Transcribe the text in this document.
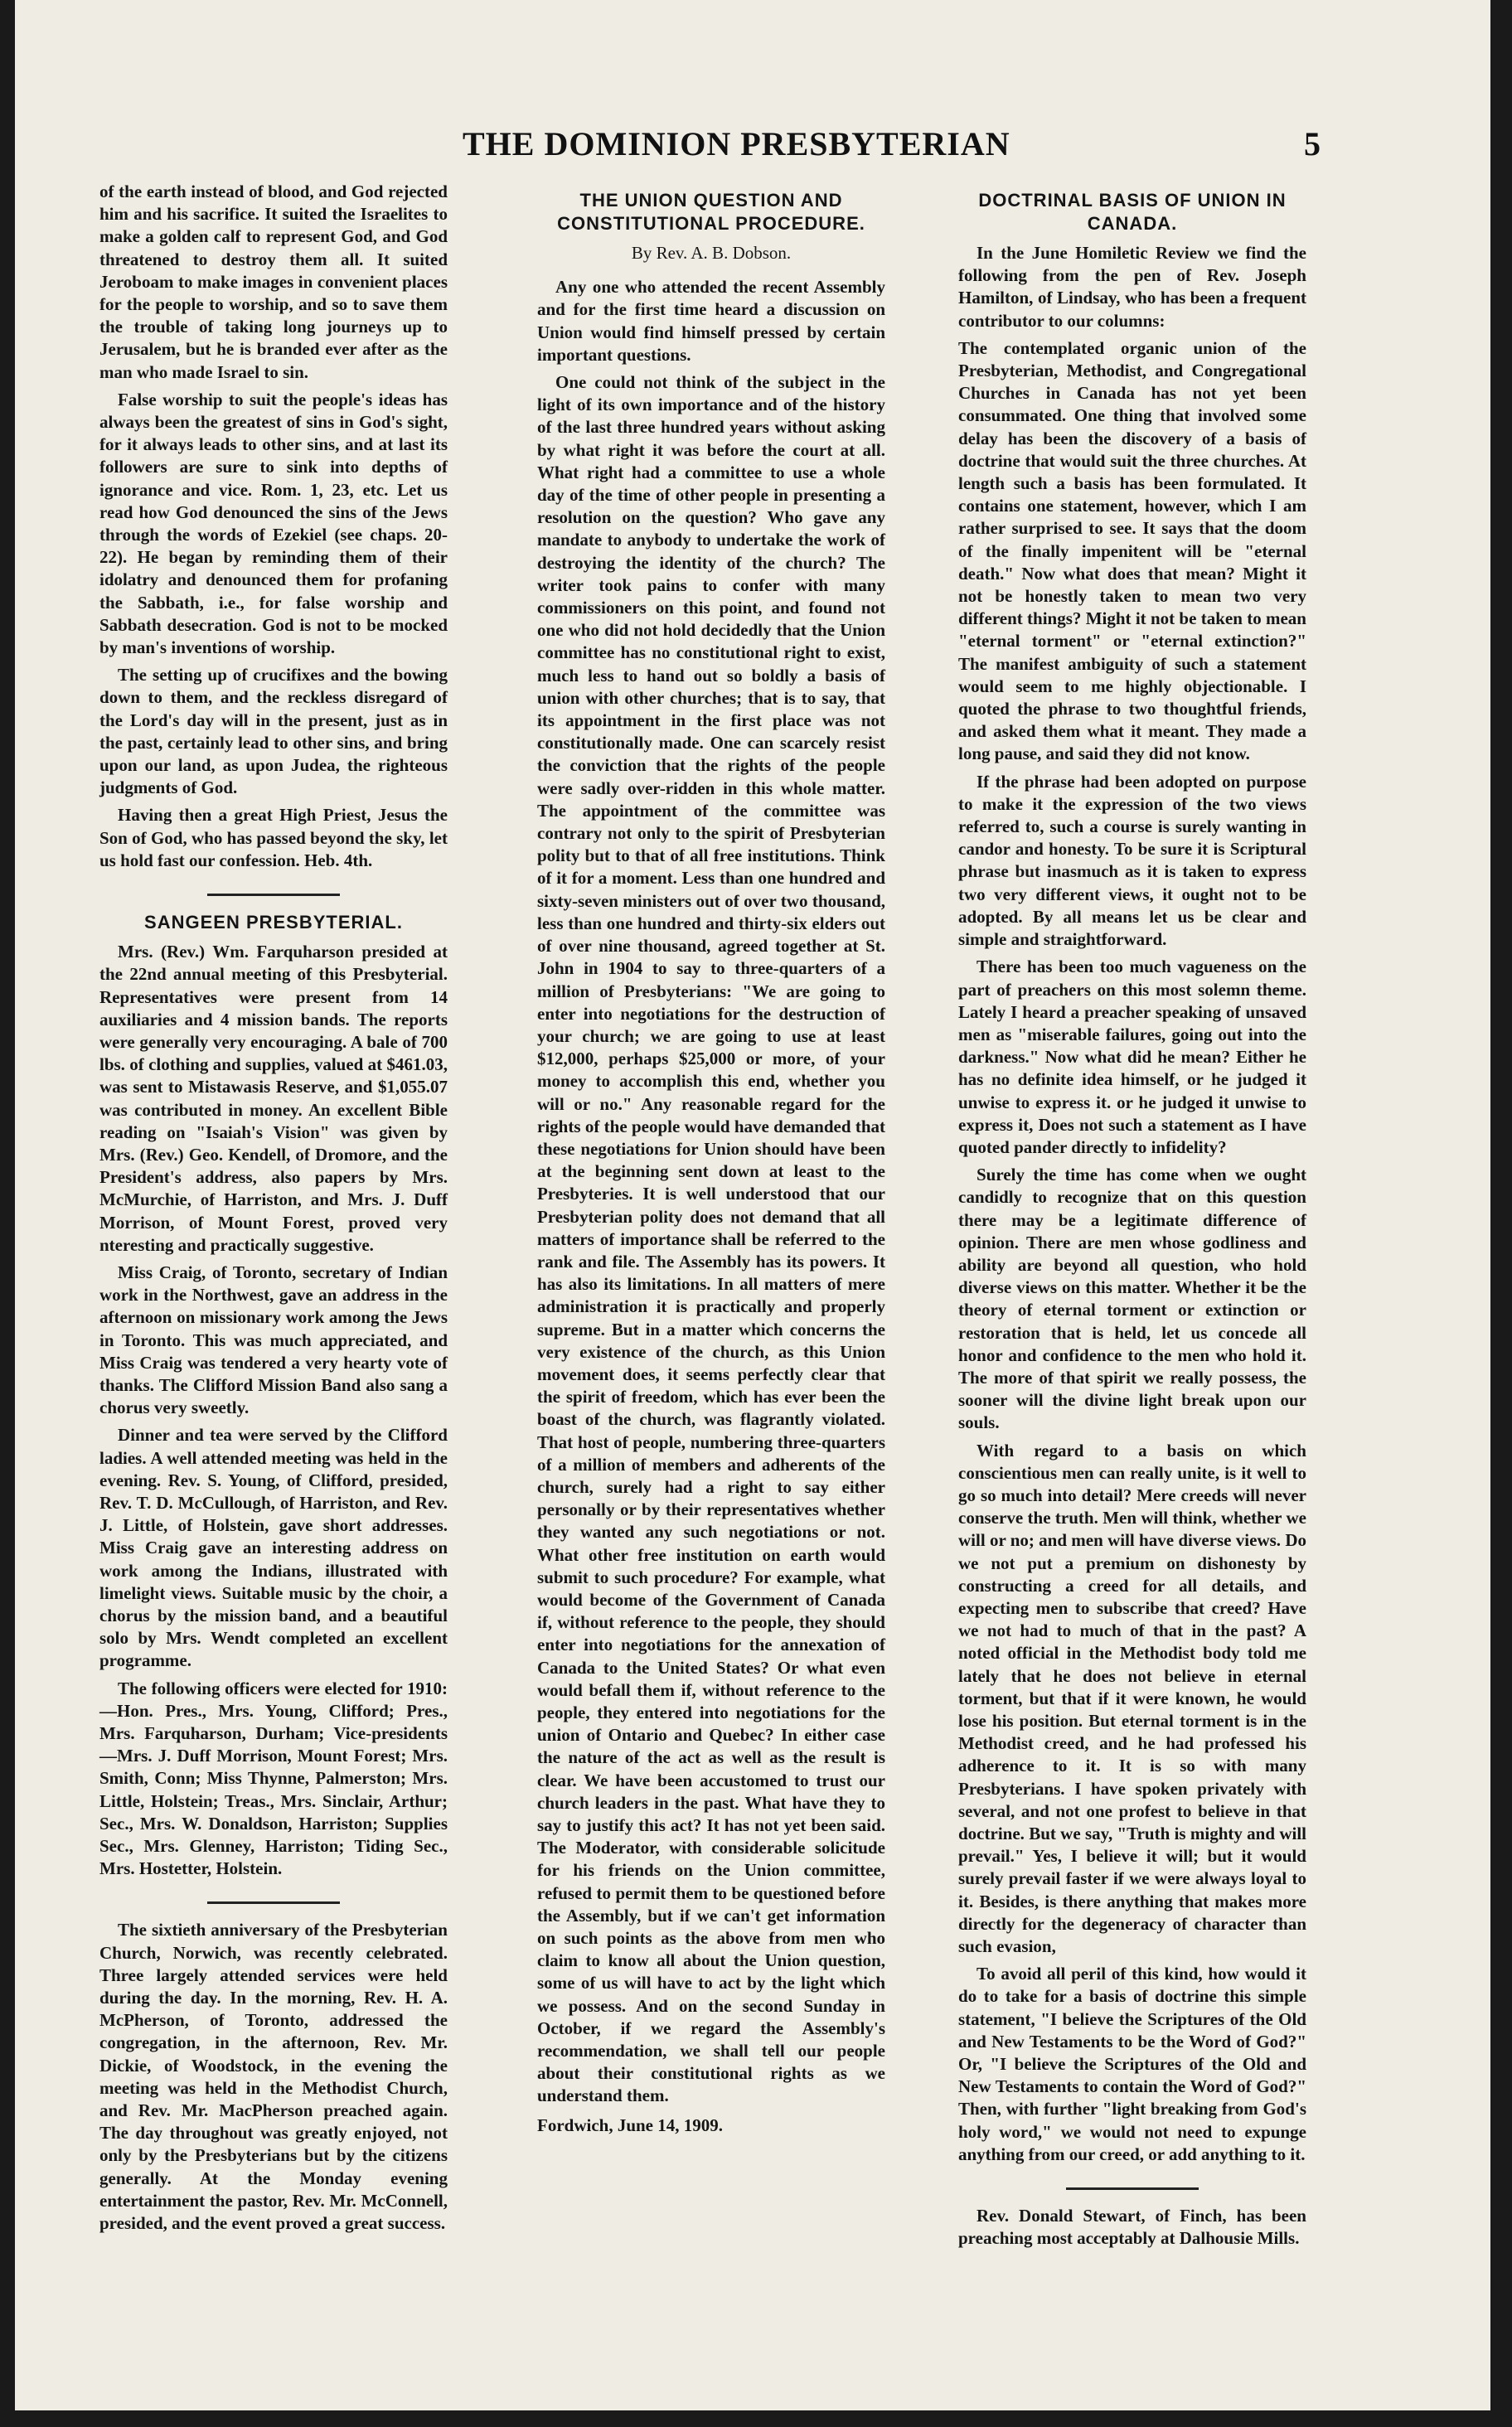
THE DOMINION PRESBYTERIAN	5

of the earth instead of blood, and God rejected him and his sacrifice. It suited the Israelites to make a golden calf to represent God, and God threatened to destroy them all. It suited Jeroboam to make images in convenient places for the people to worship, and so to save them the trouble of taking long journeys up to Jerusalem, but he is branded ever after as the man who made Israel to sin.

False worship to suit the people's ideas has always been the greatest of sins in God's sight, for it always leads to other sins, and at last its followers are sure to sink into depths of ignorance and vice. Rom. 1, 23, etc. Let us read how God denounced the sins of the Jews through the words of Ezekiel (see chaps. 20-22). He began by reminding them of their idolatry and denounced them for profaning the Sabbath, i.e., for false worship and Sabbath desecration. God is not to be mocked by man's inventions of worship.

The setting up of crucifixes and the bowing down to them, and the reckless disregard of the Lord's day will in the present, just as in the past, certainly lead to other sins, and bring upon our land, as upon Judea, the righteous judgments of God.

Having then a great High Priest, Jesus the Son of God, who has passed beyond the sky, let us hold fast our confession. Heb. 4th.

SANGEEN PRESBYTERIAL.

Mrs. (Rev.) Wm. Farquharson presided at the 22nd annual meeting of this Presbyterial. Representatives were present from 14 auxiliaries and 4 mission bands. The reports were generally very encouraging. A bale of 700 lbs. of clothing and supplies, valued at $461.03, was sent to Mistawasis Reserve, and $1,055.07 was contributed in money. An excellent Bible reading on "Isaiah's Vision" was given by Mrs. (Rev.) Geo. Kendell, of Dromore, and the President's address, also papers by Mrs. McMurchie, of Harriston, and Mrs. J. Duff Morrison, of Mount Forest, proved very nteresting and practically suggestive.

Miss Craig, of Toronto, secretary of Indian work in the Northwest, gave an address in the afternoon on missionary work among the Jews in Toronto. This was much appreciated, and Miss Craig was tendered a very hearty vote of thanks. The Clifford Mission Band also sang a chorus very sweetly.

Dinner and tea were served by the Clifford ladies. A well attended meeting was held in the evening. Rev. S. Young, of Clifford, presided, Rev. T. D. McCullough, of Harriston, and Rev. J. Little, of Holstein, gave short addresses. Miss Craig gave an interesting address on work among the Indians, illustrated with limelight views. Suitable music by the choir, a chorus by the mission band, and a beautiful solo by Mrs. Wendt completed an excellent programme.

The following officers were elected for 1910:—Hon. Pres., Mrs. Young, Clifford; Pres., Mrs. Farquharson, Durham; Vice-presidents—Mrs. J. Duff Morrison, Mount Forest; Mrs. Smith, Conn; Miss Thynne, Palmerston; Mrs. Little, Holstein; Treas., Mrs. Sinclair, Arthur; Sec., Mrs. W. Donaldson, Harriston; Supplies Sec., Mrs. Glenney, Harriston; Tiding Sec., Mrs. Hostetter, Holstein.

The sixtieth anniversary of the Presbyterian Church, Norwich, was recently celebrated. Three largely attended services were held during the day. In the morning, Rev. H. A. McPherson, of Toronto, addressed the congregation, in the afternoon, Rev. Mr. Dickie, of Woodstock, in the evening the meeting was held in the Methodist Church, and Rev. Mr. MacPherson preached again. The day throughout was greatly enjoyed, not only by the Presbyterians but by the citizens generally. At the Monday evening entertainment the pastor, Rev. Mr. McConnell, presided, and the event proved a great success.

THE UNION QUESTION AND CONSTITUTIONAL PROCEDURE.
By Rev. A. B. Dobson.

Any one who attended the recent Assembly and for the first time heard a discussion on Union would find himself pressed by certain important questions.

One could not think of the subject in the light of its own importance and of the history of the last three hundred years without asking by what right it was before the court at all. What right had a committee to use a whole day of the time of other people in presenting a resolution on the question? Who gave any mandate to anybody to undertake the work of destroying the identity of the church? The writer took pains to confer with many commissioners on this point, and found not one who did not hold decidedly that the Union committee has no constitutional right to exist, much less to hand out so boldly a basis of union with other churches; that is to say, that its appointment in the first place was not constitutionally made. One can scarcely resist the conviction that the rights of the people were sadly over-ridden in this whole matter. The appointment of the committee was contrary not only to the spirit of Presbyterian polity but to that of all free institutions. Think of it for a moment. Less than one hundred and sixty-seven ministers out of over two thousand, less than one hundred and thirty-six elders out of over nine thousand, agreed together at St. John in 1904 to say to three-quarters of a million of Presbyterians: "We are going to enter into negotiations for the destruction of your church; we are going to use at least $12,000, perhaps $25,000 or more, of your money to accomplish this end, whether you will or no." Any reasonable regard for the rights of the people would have demanded that these negotiations for Union should have been at the beginning sent down at least to the Presbyteries. It is well understood that our Presbyterian polity does not demand that all matters of importance shall be referred to the rank and file. The Assembly has its powers. It has also its limitations. In all matters of mere administration it is practically and properly supreme. But in a matter which concerns the very existence of the church, as this Union movement does, it seems perfectly clear that the spirit of freedom, which has ever been the boast of the church, was flagrantly violated. That host of people, numbering three-quarters of a million of members and adherents of the church, surely had a right to say either personally or by their representatives whether they wanted any such negotiations or not. What other free institution on earth would submit to such procedure? For example, what would become of the Government of Canada if, without reference to the people, they should enter into negotiations for the annexation of Canada to the United States? Or what even would befall them if, without reference to the people, they entered into negotiations for the union of Ontario and Quebec? In either case the nature of the act as well as the result is clear. We have been accustomed to trust our church leaders in the past. What have they to say to justify this act? It has not yet been said. The Moderator, with considerable solicitude for his friends on the Union committee, refused to permit them to be questioned before the Assembly, but if we can't get information on such points as the above from men who claim to know all about the Union question, some of us will have to act by the light which we possess. And on the second Sunday in October, if we regard the Assembly's recommendation, we shall tell our people about their constitutional rights as we understand them.

Fordwich, June 14, 1909.

DOCTRINAL BASIS OF UNION IN CANADA.

In the June Homiletic Review we find the following from the pen of Rev. Joseph Hamilton, of Lindsay, who has been a frequent contributor to our columns:

The contemplated organic union of the Presbyterian, Methodist, and Congregational Churches in Canada has not yet been consummated. One thing that involved some delay has been the discovery of a basis of doctrine that would suit the three churches. At length such a basis has been formulated. It contains one statement, however, which I am rather surprised to see. It says that the doom of the finally impenitent will be "eternal death." Now what does that mean? Might it not be honestly taken to mean two very different things? Might it not be taken to mean "eternal torment" or "eternal extinction?" The manifest ambiguity of such a statement would seem to me highly objectionable. I quoted the phrase to two thoughtful friends, and asked them what it meant. They made a long pause, and said they did not know.

If the phrase had been adopted on purpose to make it the expression of the two views referred to, such a course is surely wanting in candor and honesty. To be sure it is Scriptural phrase but inasmuch as it is taken to express two very different views, it ought not to be adopted. By all means let us be clear and simple and straightforward.

There has been too much vagueness on the part of preachers on this most solemn theme. Lately I heard a preacher speaking of unsaved men as "miserable failures, going out into the darkness." Now what did he mean? Either he has no definite idea himself, or he judged it unwise to express it. or he judged it unwise to express it, Does not such a statement as I have quoted pander directly to infidelity?

Surely the time has come when we ought candidly to recognize that on this question there may be a legitimate difference of opinion. There are men whose godliness and ability are beyond all question, who hold diverse views on this matter. Whether it be the theory of eternal torment or extinction or restoration that is held, let us concede all honor and confidence to the men who hold it. The more of that spirit we really possess, the sooner will the divine light break upon our souls.

With regard to a basis on which conscientious men can really unite, is it well to go so much into detail? Mere creeds will never conserve the truth. Men will think, whether we will or no; and men will have diverse views. Do we not put a premium on dishonesty by constructing a creed for all details, and expecting men to subscribe that creed? Have we not had to much of that in the past? A noted official in the Methodist body told me lately that he does not believe in eternal torment, but that if it were known, he would lose his position. But eternal torment is in the Methodist creed, and he had professed his adherence to it. It is so with many Presbyterians. I have spoken privately with several, and not one profest to believe in that doctrine. But we say, "Truth is mighty and will prevail." Yes, I believe it will; but it would surely prevail faster if we were always loyal to it. Besides, is there anything that makes more directly for the degeneracy of character than such evasion,

To avoid all peril of this kind, how would it do to take for a basis of doctrine this simple statement, "I believe the Scriptures of the Old and New Testaments to be the Word of God?" Or, "I believe the Scriptures of the Old and New Testaments to contain the Word of God?" Then, with further "light breaking from God's holy word," we would not need to expunge anything from our creed, or add anything to it.

Rev. Donald Stewart, of Finch, has been preaching most acceptably at Dalhousie Mills.
